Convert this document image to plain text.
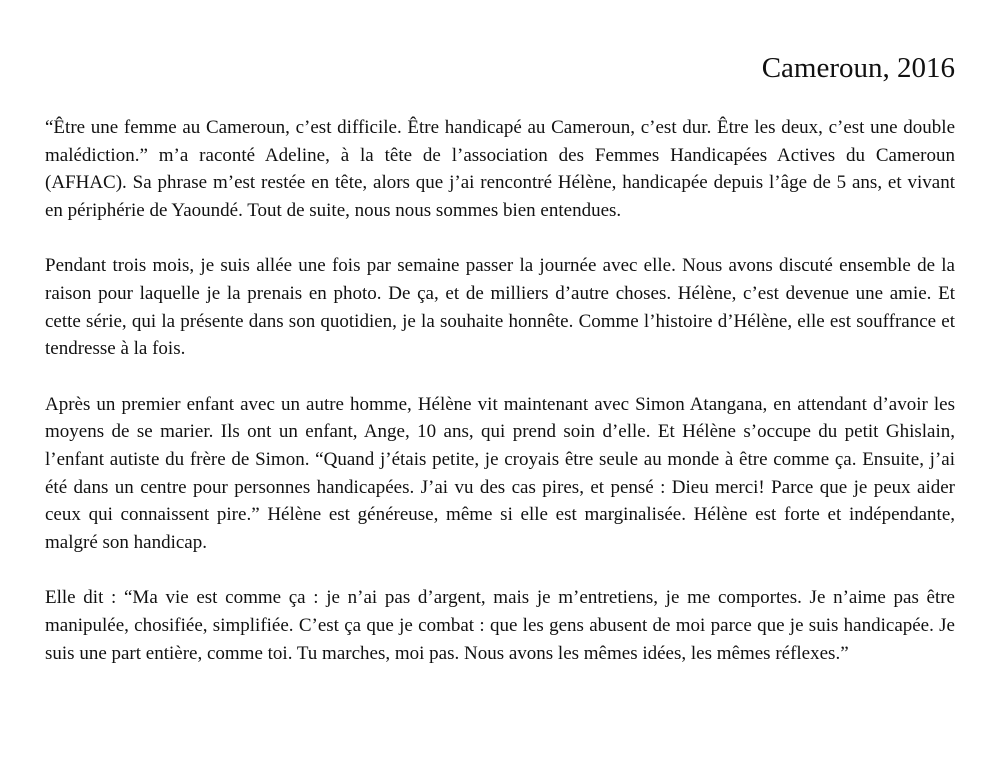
Cameroun, 2016

“Être une femme au Cameroun, c’est difficile. Être handicapé au Cameroun, c’est dur. Être les deux, c’est une double malédiction.” m’a raconté Adeline, à la tête de l’association des Femmes Handicapées Actives du Cameroun (AFHAC). Sa phrase m’est restée en tête, alors que j’ai rencontré Hélène, handicapée depuis l’âge de 5 ans, et vivant en périphérie de Yaoundé. Tout de suite, nous nous sommes bien entendues.

Pendant trois mois, je suis allée une fois par semaine passer la journée avec elle. Nous avons discuté ensemble de la raison pour laquelle je la prenais en photo. De ça, et de milliers d’autre choses. Hélène, c’est devenue une amie. Et cette série, qui la présente dans son quotidien, je la souhaite honnête. Comme l’histoire d’Hélène, elle est souffrance et tendresse à la fois.

Après un premier enfant avec un autre homme, Hélène vit maintenant avec Simon Atangana, en attendant d’avoir les moyens de se marier. Ils ont un enfant, Ange, 10 ans, qui prend soin d’elle. Et Hélène s’occupe du petit Ghislain, l’enfant autiste du frère de Simon. “Quand j’étais petite, je croyais être seule au monde à être comme ça. Ensuite, j’ai été dans un centre pour personnes handicapées. J’ai vu des cas pires, et pensé : Dieu merci! Parce que je peux aider ceux qui connaissent pire.” Hélène est généreuse, même si elle est marginalisée. Hélène est forte et indépendante, malgré son handicap.

Elle dit : “Ma vie est comme ça : je n’ai pas d’argent, mais je m’entretiens, je me comportes. Je n’aime pas être manipulée, chosifiée, simplifiée. C’est ça que je combat : que les gens abusent de moi parce que je suis handicapée. Je suis une part entière, comme toi. Tu marches, moi pas. Nous avons les mêmes idées, les mêmes réflexes.”
